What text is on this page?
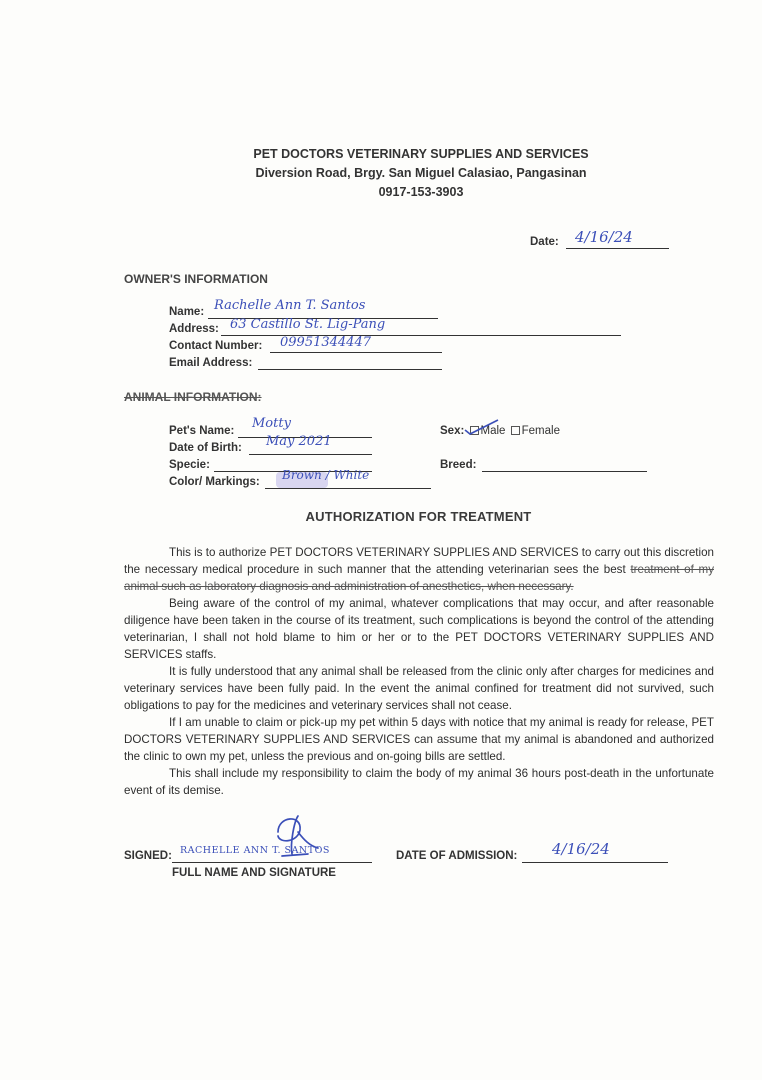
PET DOCTORS VETERINARY SUPPLIES AND SERVICES
Diversion Road, Brgy. San Miguel Calasiao, Pangasinan
0917-153-3903
Date: 4/16/24
OWNER'S INFORMATION
Name: Rachelle Ann T. Santos
Address: 63 Castillo St. Lig-Pang
Contact Number: 09951344447
Email Address:
ANIMAL INFORMATION:
Pet's Name: Motty
Date of Birth: May 2021
Specie:
Color/ Markings: Brown / White
Sex: Male Female
Breed:
AUTHORIZATION FOR TREATMENT

This is to authorize PET DOCTORS VETERINARY SUPPLIES AND SERVICES to carry out this discretion the necessary medical procedure in such manner that the attending veterinarian sees the best treatment of my animal such as laboratory diagnosis and administration of anesthetics, when necessary.

Being aware of the control of my animal, whatever complications that may occur, and after reasonable diligence have been taken in the course of its treatment, such complications is beyond the control of the attending veterinarian, I shall not hold blame to him or her or to the PET DOCTORS VETERINARY SUPPLIES AND SERVICES staffs.

It is fully understood that any animal shall be released from the clinic only after charges for medicines and veterinary services have been fully paid. In the event the animal confined for treatment did not survived, such obligations to pay for the medicines and veterinary services shall not cease.

If I am unable to claim or pick-up my pet within 5 days with notice that my animal is ready for release, PET DOCTORS VETERINARY SUPPLIES AND SERVICES can assume that my animal is abandoned and authorized the clinic to own my pet, unless the previous and on-going bills are settled.

This shall include my responsibility to claim the body of my animal 36 hours post-death in the unfortunate event of its demise.

SIGNED: RACHELLE ANN T. SANTOS
FULL NAME AND SIGNATURE
DATE OF ADMISSION: 4/16/24
